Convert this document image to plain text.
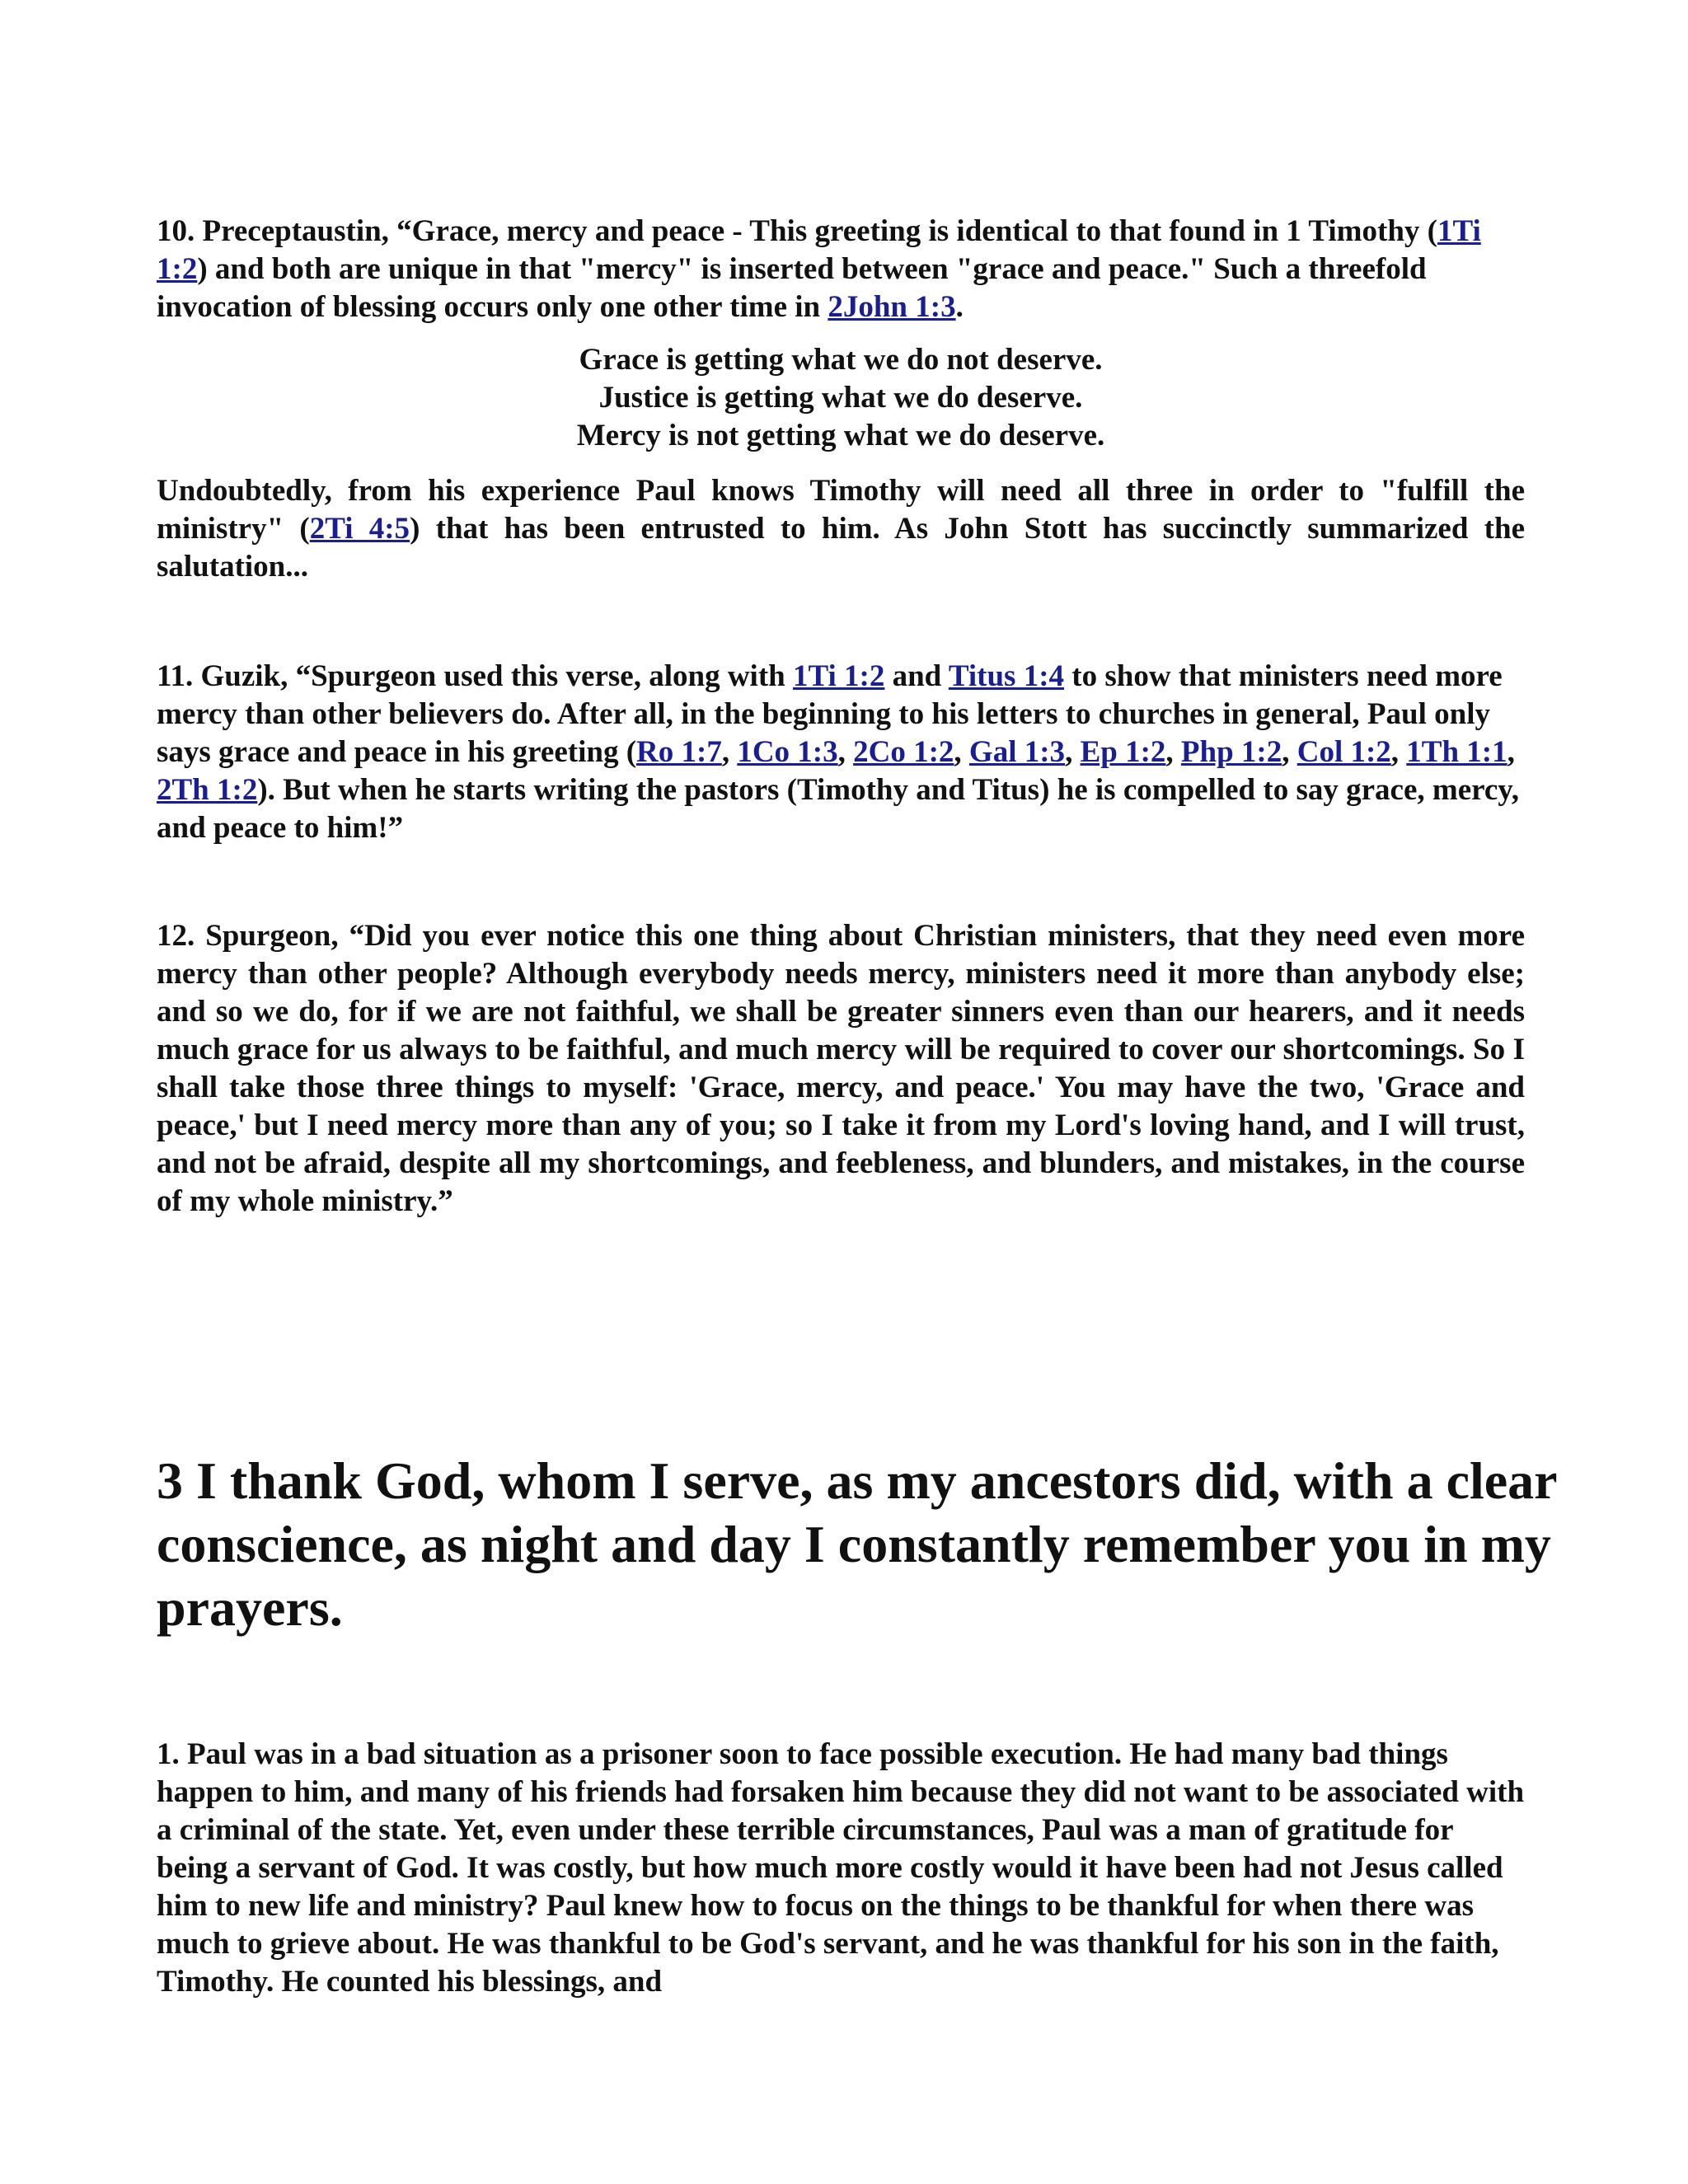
10. Preceptaustin, “Grace, mercy and peace - This greeting is identical to that found in 1 Timothy (1Ti 1:2) and both are unique in that "mercy" is inserted between "grace and peace." Such a threefold invocation of blessing occurs only one other time in 2John 1:3.

Grace is getting what we do not deserve.
Justice is getting what we do deserve.
Mercy is not getting what we do deserve.

Undoubtedly, from his experience Paul knows Timothy will need all three in order to "fulfill the ministry" (2Ti 4:5) that has been entrusted to him. As John Stott has succinctly summarized the salutation...

11. Guzik, “Spurgeon used this verse, along with 1Ti 1:2 and Titus 1:4 to show that ministers need more mercy than other believers do. After all, in the beginning to his letters to churches in general, Paul only says grace and peace in his greeting (Ro 1:7, 1Co 1:3, 2Co 1:2, Gal 1:3, Ep 1:2, Php 1:2, Col 1:2, 1Th 1:1, 2Th 1:2). But when he starts writing the pastors (Timothy and Titus) he is compelled to say grace, mercy, and peace to him!”

12. Spurgeon, “Did you ever notice this one thing about Christian ministers, that they need even more mercy than other people? Although everybody needs mercy, ministers need it more than anybody else; and so we do, for if we are not faithful, we shall be greater sinners even than our hearers, and it needs much grace for us always to be faithful, and much mercy will be required to cover our shortcomings. So I shall take those three things to myself: 'Grace, mercy, and peace.' You may have the two, 'Grace and peace,' but I need mercy more than any of you; so I take it from my Lord's loving hand, and I will trust, and not be afraid, despite all my shortcomings, and feebleness, and blunders, and mistakes, in the course of my whole ministry.”

3 I thank God, whom I serve, as my ancestors did, with a clear conscience, as night and day I constantly remember you in my prayers.

1. Paul was in a bad situation as a prisoner soon to face possible execution. He had many bad things happen to him, and many of his friends had forsaken him because they did not want to be associated with a criminal of the state. Yet, even under these terrible circumstances, Paul was a man of gratitude for being a servant of God. It was costly, but how much more costly would it have been had not Jesus called him to new life and ministry? Paul knew how to focus on the things to be thankful for when there was much to grieve about. He was thankful to be God's servant, and he was thankful for his son in the faith, Timothy. He counted his blessings, and
